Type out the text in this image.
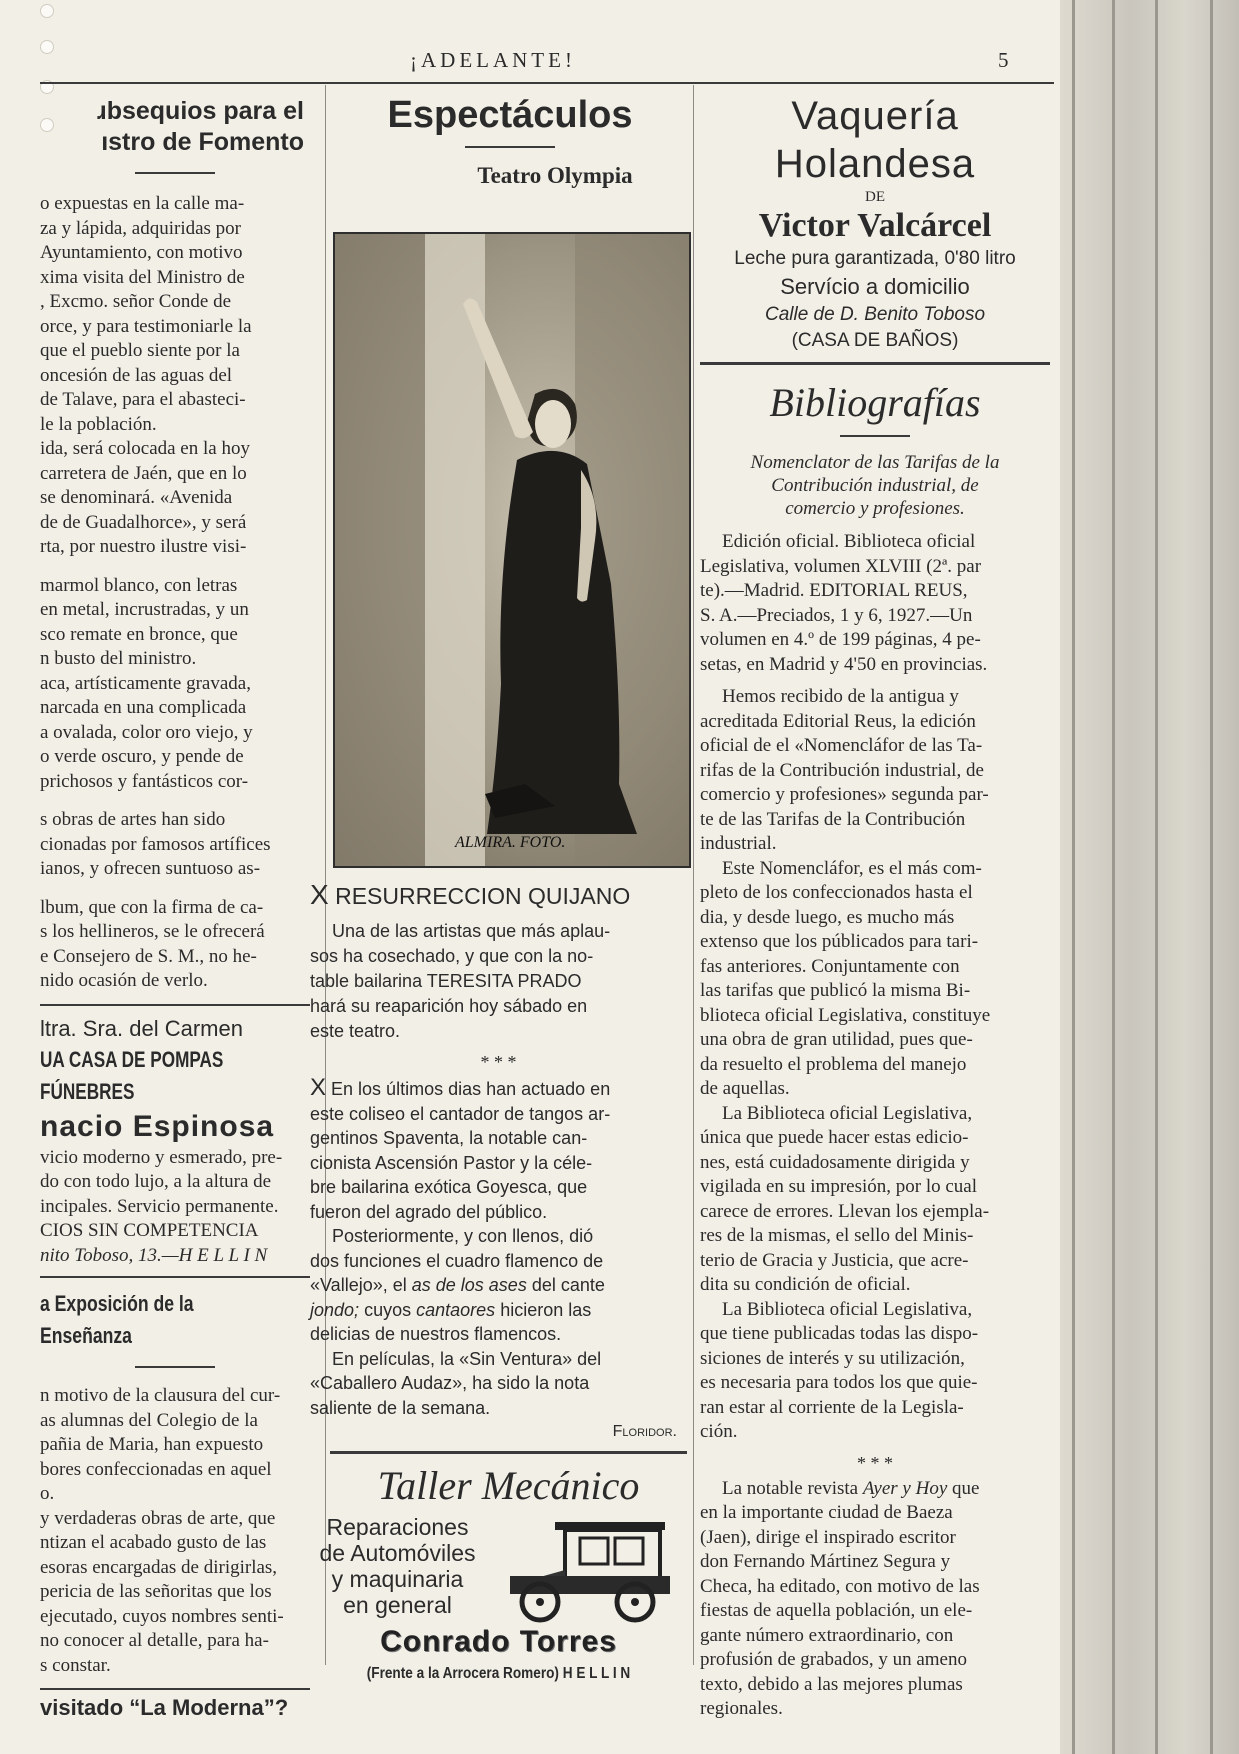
¡ADELANTE!	5
ɹbsequios para el
ıstro de Fomento

o expuestas en la calle ma-

za y lápida, adquiridas por

Ayuntamiento, con motivo

xima visita del Ministro de

, Excmo. señor Conde de

orce, y para testimoniarle la

que el pueblo siente por la

oncesión de las aguas del

de Talave, para el abasteci-

le la población.

ida, será colocada en la hoy

carretera de Jaén, que en lo

se denominará. «Avenida

de de Guadalhorce», y será

rta, por nuestro ilustre visi-

marmol blanco, con letras

en metal, incrustradas, y un

sco remate en bronce, que

n busto del ministro.

aca, artísticamente gravada,

narcada en una complicada

a ovalada, color oro viejo, y

o verde oscuro, y pende de

prichosos y fantásticos cor-

s obras de artes han sido

cionadas por famosos artífices

ianos, y ofrecen suntuoso as-

lbum, que con la firma de ca-

s los hellineros, se le ofrecerá

e Consejero de S. M., no he-

nido ocasión de verlo.

ltra. Sra. del Carmen
UA CASA DE POMPAS FÚNEBRES
nacio Espinosa

vicio moderno y esmerado, pre-

do con todo lujo, a la altura de

incipales. Servicio permanente.

CIOS SIN COMPETENCIA

nito Toboso, 13.—H E L L I N

a Exposición de la Enseñanza

n motivo de la clausura del cur-

as alumnas del Colegio de la

pañia de Maria, han expuesto

bores confeccionadas en aquel

o.

y verdaderas obras de arte, que

ntizan el acabado gusto de las

esoras encargadas de dirigirlas,

pericia de las señoritas que los

ejecutado, cuyos nombres senti-

no conocer al detalle, para ha-

s constar.

visitado “La Moderna”?
Espectáculos
Teatro Olympia
ALMIRA. FOTO.
X RESURRECCION QUIJANO

Una de las artistas que más aplau-

sos ha cosechado, y que con la no-

table bailarina TERESITA PRADO

hará su reaparición hoy sábado en

este teatro.

* * *

X En los últimos dias han actuado en

este coliseo el cantador de tangos ar-

gentinos Spaventa, la notable can-

cionista Ascensión Pastor y la céle-

bre bailarina exótica Goyesca, que

fueron del agrado del público.

Posteriormente, y con llenos, dió

dos funciones el cuadro flamenco de

«Vallejo», el as de los ases del cante

jondo; cuyos cantaores hicieron las

delicias de nuestros flamencos.

En películas, la «Sin Ventura» del

«Caballero Audaz», ha sido la nota

saliente de la semana.

Floridor.

Taller Mecánico
Reparaciones
de Automóviles
y maquinaria
en general
Conrado Torres
(Frente a la Arrocera Romero) H E L L I N
Vaquería Holandesa
DE
Victor Valcárcel
Leche pura garantizada, 0'80 litro
Servício a domicilio
Calle de D. Benito Toboso
(CASA DE BAÑOS)
Bibliografías
Nomenclator de las Tarifas de la
Contribución industrial, de
comercio y profesiones.

Edición oficial. Biblioteca oficial

Legislativa, volumen XLVIII (2ª. par

te).—Madrid. EDITORIAL REUS,

S. A.—Preciados, 1 y 6, 1927.—Un

volumen en 4.º de 199 páginas, 4 pe-

setas, en Madrid y 4'50 en provincias.

Hemos recibido de la antigua y

acreditada Editorial Reus, la edición

oficial de el «Nomencláfor de las Ta-

rifas de la Contribución industrial, de

comercio y profesiones» segunda par-

te de las Tarifas de la Contribución

industrial.

Este Nomencláfor, es el más com-

pleto de los confeccionados hasta el

dia, y desde luego, es mucho más

extenso que los públicados para tari-

fas anteriores. Conjuntamente con

las tarifas que publicó la misma Bi-

blioteca oficial Legislativa, constituye

una obra de gran utilidad, pues que-

da resuelto el problema del manejo

de aquellas.

La Biblioteca oficial Legislativa,

única que puede hacer estas edicio-

nes, está cuidadosamente dirigida y

vigilada en su impresión, por lo cual

carece de errores. Llevan los ejempla-

res de la mismas, el sello del Minis-

terio de Gracia y Justicia, que acre-

dita su condición de oficial.

La Biblioteca oficial Legislativa,

que tiene publicadas todas las dispo-

siciones de interés y su utilización,

es necesaria para todos los que quie-

ran estar al corriente de la Legisla-

ción.

* * *

La notable revista Ayer y Hoy que

en la importante ciudad de Baeza

(Jaen), dirige el inspirado escritor

don Fernando Mártinez Segura y

Checa, ha editado, con motivo de las

fiestas de aquella población, un ele-

gante número extraordinario, con

profusión de grabados, y un ameno

texto, debido a las mejores plumas

regionales.
